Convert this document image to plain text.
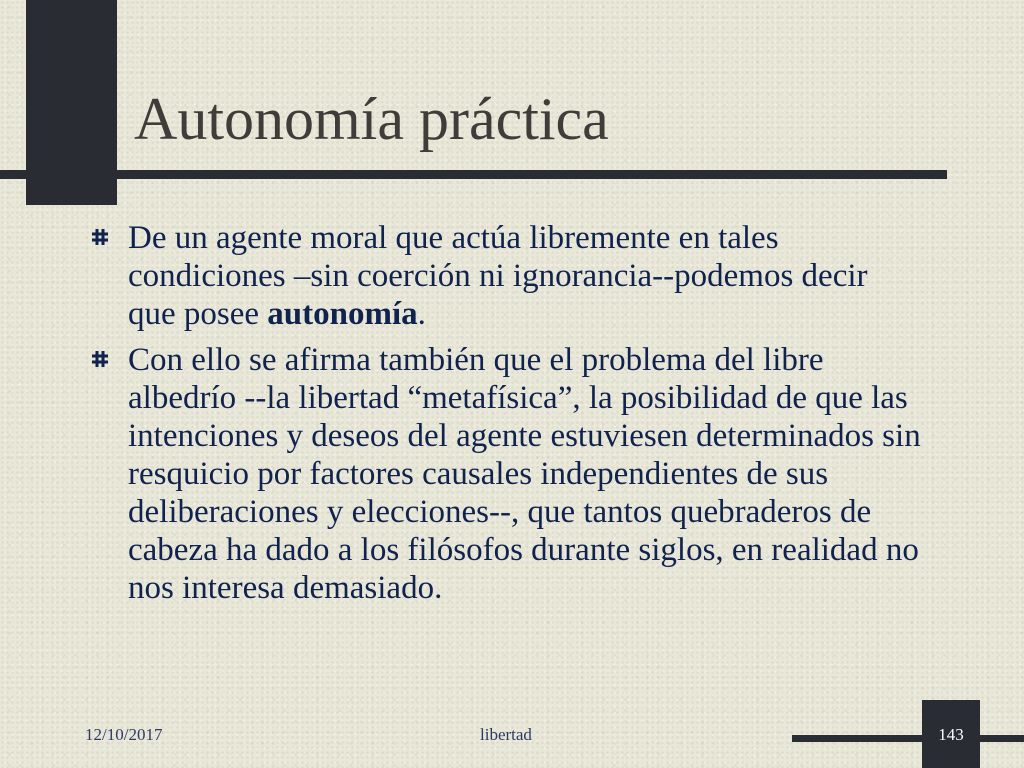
Autonomía práctica
De un agente moral que actúa libremente en tales condiciones –sin coerción ni ignorancia--podemos decir que posee autonomía.
Con ello se afirma también que el problema del libre albedrío --la libertad “metafísica”, la posibilidad de que las intenciones y deseos del agente estuviesen determinados sin resquicio por factores causales independientes de sus deliberaciones y elecciones--, que tantos quebraderos de cabeza ha dado a los filósofos durante siglos, en realidad no nos interesa demasiado.
12/10/2017	libertad	143
